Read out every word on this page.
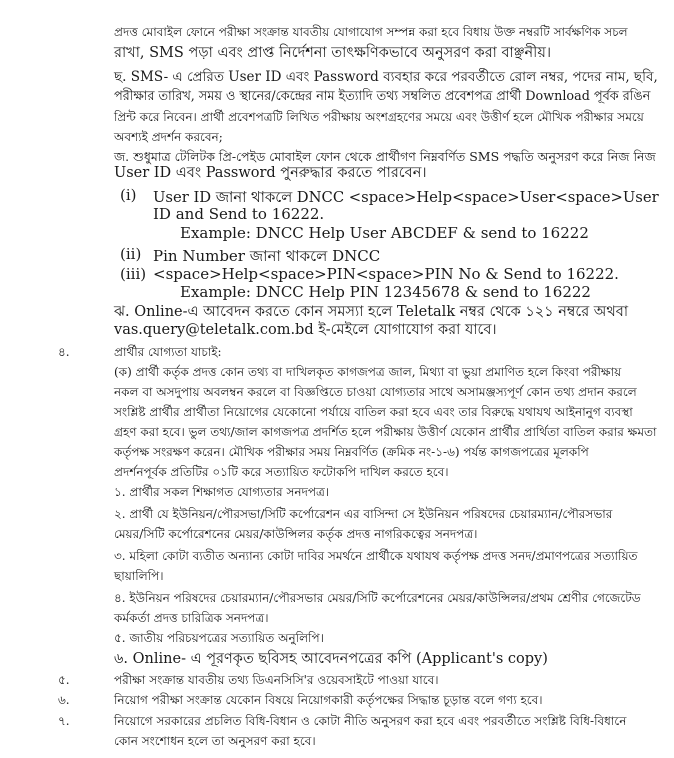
প্রদত্ত মোবাইল ফোনে পরীক্ষা সংক্রান্ত যাবতীয় যোগাযোগ সম্পন্ন করা হবে বিধায় উক্ত নম্বরটি সার্বক্ষণিক সচল
রাখা, SMS পড়া এবং প্রাপ্ত নির্দেশনা তাৎক্ষণিকভাবে অনুসরণ করা বাঞ্ছনীয়।
ছ. SMS- এ প্রেরিত User ID এবং Password ব্যবহার করে পরবর্তীতে রোল নম্বর, পদের নাম, ছবি,
পরীক্ষার তারিখ, সময় ও স্থানের/কেন্দ্রের নাম ইত্যাদি তথ্য সম্বলিত প্রবেশপত্র প্রার্থী Download পূর্বক রঙিন
প্রিন্ট করে নিবেন। প্রার্থী প্রবেশপত্রটি লিখিত পরীক্ষায় অংশগ্রহণের সময়ে এবং উত্তীর্ণ হলে মৌখিক পরীক্ষার সময়ে
অবশ্যই প্রদর্শন করবেন;
জ. শুধুমাত্র টেলিটক প্রি-পেইড মোবাইল ফোন থেকে প্রার্থীগণ নিম্নবর্ণিত SMS পদ্ধতি অনুসরণ করে নিজ নিজ
User ID এবং Password পুনরুদ্ধার করতে পারবেন।
(i) User ID জানা থাকলে DNCC <space>Help<space>User<space>User
ID and Send to 16222.
Example: DNCC Help User ABCDEF & send to 16222
(ii) Pin Number জানা থাকলে DNCC
(iii) <space>Help<space>PIN<space>PIN No & Send to 16222.
Example: DNCC Help PIN 12345678 & send to 16222
ঝ. Online-এ আবেদন করতে কোন সমস্যা হলে Teletalk নম্বর থেকে ১২১ নম্বরে অথবা
vas.query@teletalk.com.bd ই-মেইলে যোগাযোগ করা যাবে।
৪.	প্রার্থীর যোগ্যতা যাচাই:
(ক) প্রার্থী কর্তৃক প্রদত্ত কোন তথ্য বা দাখিলকৃত কাগজপত্র জাল, মিথ্যা বা ভুয়া প্রমাণিত হলে কিংবা পরীক্ষায়
নকল বা অসদুপায় অবলম্বন করলে বা বিজ্ঞপ্তিতে চাওয়া যোগ্যতার সাথে অসামঞ্জস্যপূর্ণ কোন তথ্য প্রদান করলে
সংশ্লিষ্ট প্রার্থীর প্রার্থীতা নিয়োগের যেকোনো পর্যায়ে বাতিল করা হবে এবং তার বিরুদ্ধে যথাযথ আইনানুগ ব্যবস্থা
গ্রহণ করা হবে। ভুল তথ্য/জাল কাগজপত্র প্রদর্শিত হলে পরীক্ষায় উত্তীর্ণ যেকোন প্রার্থীর প্রার্থিতা বাতিল করার ক্ষমতা
কর্তৃপক্ষ সংরক্ষণ করেন। মৌখিক পরীক্ষার সময় নিম্নবর্ণিত (ক্রমিক নং-১-৬) পর্যন্ত কাগজপত্রের মূলকপি
প্রদর্শনপূর্বক প্রতিটির ০১টি করে সত্যায়িত ফটোকপি দাখিল করতে হবে।
১. প্রার্থীর সকল শিক্ষাগত যোগ্যতার সনদপত্র।
২. প্রার্থী যে ইউনিয়ন/পৌরসভা/সিটি কর্পোরেশন এর বাসিন্দা সে ইউনিয়ন পরিষদের চেয়ারম্যান/পৌরসভার
মেয়র/সিটি কর্পোরেশনের মেয়র/কাউন্সিলর কর্তৃক প্রদত্ত নাগরিকত্বের সনদপত্র।
৩. মহিলা কোটা ব্যতীত অন্যান্য কোটা দাবির সমর্থনে প্রার্থীকে যথাযথ কর্তৃপক্ষ প্রদত্ত সনদ/প্রমাণপত্রের সত্যায়িত
ছায়ালিপি।
৪. ইউনিয়ন পরিষদের চেয়ারম্যান/পৌরসভার মেয়র/সিটি কর্পোরেশনের মেয়র/কাউন্সিলর/প্রথম শ্রেণীর গেজেটেড
কর্মকর্তা প্রদত্ত চারিত্রিক সনদপত্র।
৫. জাতীয় পরিচয়পত্রের সত্যায়িত অনুলিপি।
৬. Online- এ পূরণকৃত ছবিসহ আবেদনপত্রের কপি (Applicant's copy)
৫.	পরীক্ষা সংক্রান্ত যাবতীয় তথ্য ডিএনসিসি'র ওয়েবসাইটে পাওয়া যাবে।
৬.	নিয়োগ পরীক্ষা সংক্রান্ত যেকোন বিষয়ে নিয়োগকারী কর্তৃপক্ষের সিদ্ধান্ত চূড়ান্ত বলে গণ্য হবে।
৭.	নিয়োগে সরকারের প্রচলিত বিধি-বিধান ও কোটা নীতি অনুসরণ করা হবে এবং পরবর্তীতে সংশ্লিষ্ট বিধি-বিধানে
কোন সংশোধন হলে তা অনুসরণ করা হবে।
